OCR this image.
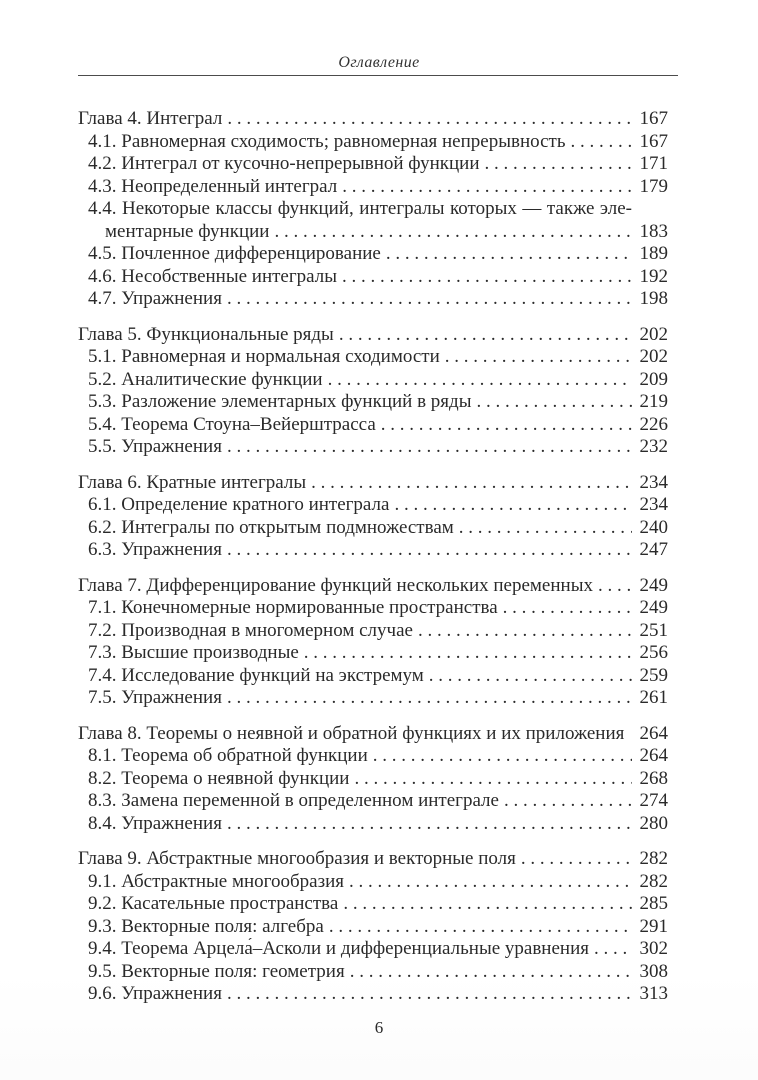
Оглавление
Глава 4. Интеграл . . .	167
4.1. Равномерная сходимость; равномерная непрерывность . . .	167
4.2. Интеграл от кусочно-непрерывной функции . . .	171
4.3. Неопределенный интеграл . . .	179
4.4. Некоторые классы функций, интегралы которых — также эле-
ментарные функции . . .	183
4.5. Почленное дифференцирование . . .	189
4.6. Несобственные интегралы . . .	192
4.7. Упражнения . . .	198
Глава 5. Функциональные ряды . . .	202
5.1. Равномерная и нормальная сходимости . . .	202
5.2. Аналитические функции . . .	209
5.3. Разложение элементарных функций в ряды . . .	219
5.4. Теорема Стоуна–Вейерштрасса . . .	226
5.5. Упражнения . . .	232
Глава 6. Кратные интегралы . . .	234
6.1. Определение кратного интеграла . . .	234
6.2. Интегралы по открытым подмножествам . . .	240
6.3. Упражнения . . .	247
Глава 7. Дифференцирование функций нескольких переменных . . .	249
7.1. Конечномерные нормированные пространства . . .	249
7.2. Производная в многомерном случае . . .	251
7.3. Высшие производные . . .	256
7.4. Исследование функций на экстремум . . .	259
7.5. Упражнения . . .	261
Глава 8. Теоремы о неявной и обратной функциях и их приложения 264
8.1. Теорема об обратной функции . . .	264
8.2. Теорема о неявной функции . . .	268
8.3. Замена переменной в определенном интеграле . . .	274
8.4. Упражнения . . .	280
Глава 9. Абстрактные многообразия и векторные поля . . .	282
9.1. Абстрактные многообразия . . .	282
9.2. Касательные пространства . . .	285
9.3. Векторные поля: алгебра . . .	291
9.4. Теорема Арцела́–Асколи и дифференциальные уравнения . . .	302
9.5. Векторные поля: геометрия . . .	308
9.6. Упражнения . . .	313
6
